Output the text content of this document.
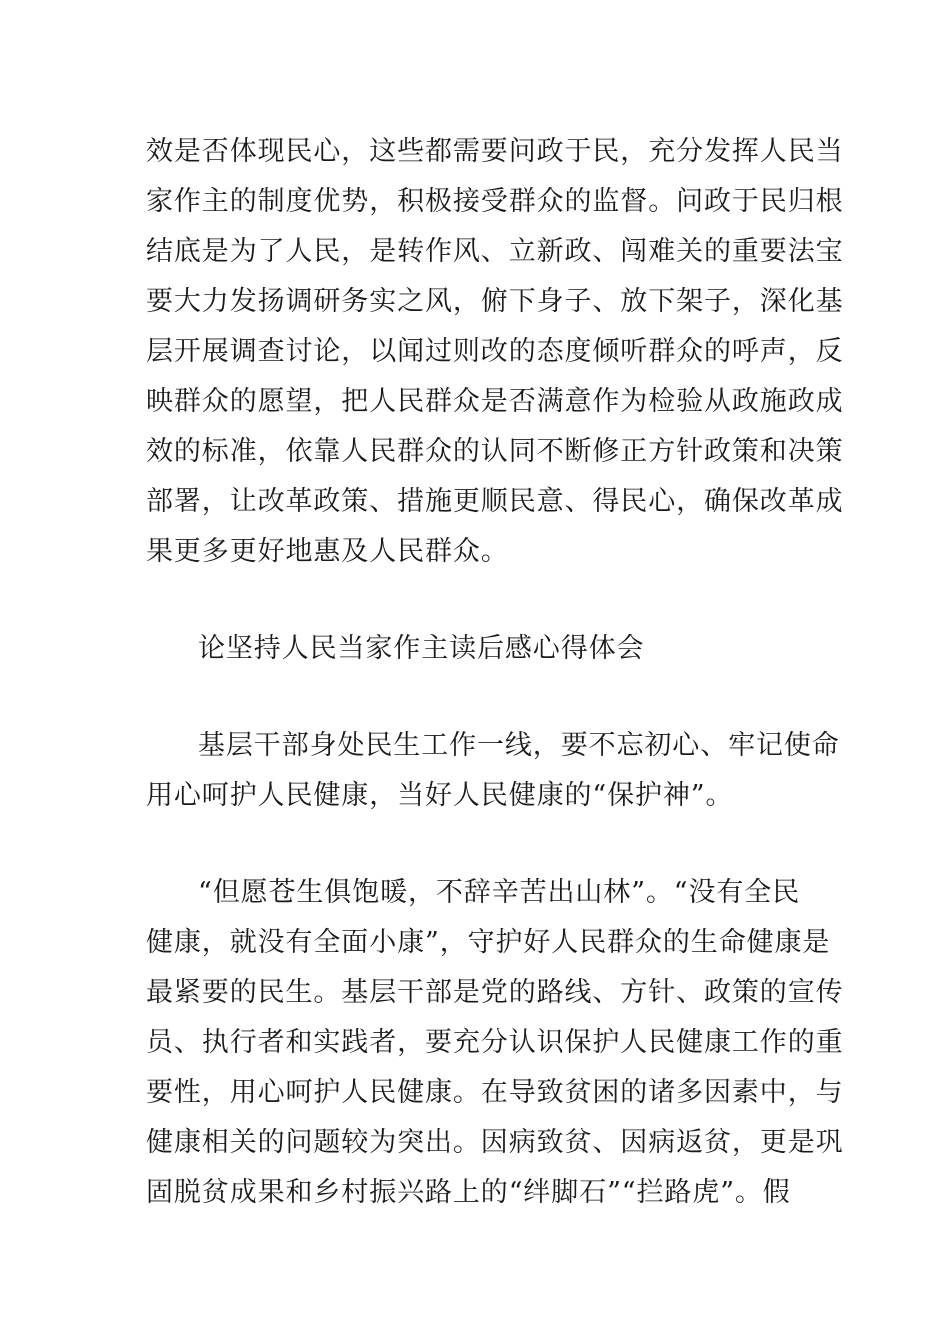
效是否体现民心，这些都需要问政于民，充分发挥人民当
家作主的制度优势，积极接受群众的监督。问政于民归根
结底是为了人民，是转作风、立新政、闯难关的重要法宝
要大力发扬调研务实之风，俯下身子、放下架子，深化基
层开展调查讨论，以闻过则改的态度倾听群众的呼声，反
映群众的愿望，把人民群众是否满意作为检验从政施政成
效的标准，依靠人民群众的认同不断修正方针政策和决策
部署，让改革政策、措施更顺民意、得民心，确保改革成
果更多更好地惠及人民群众。
论坚持人民当家作主读后感心得体会
基层干部身处民生工作一线，要不忘初心、牢记使命
用心呵护人民健康，当好人民健康的“保护神”。
“但愿苍生俱饱暖，不辞辛苦出山林”。“没有全民
健康，就没有全面小康”，守护好人民群众的生命健康是
最紧要的民生。基层干部是党的路线、方针、政策的宣传
员、执行者和实践者，要充分认识保护人民健康工作的重
要性，用心呵护人民健康。在导致贫困的诸多因素中，与
健康相关的问题较为突出。因病致贫、因病返贫，更是巩
固脱贫成果和乡村振兴路上的“绊脚石”“拦路虎”。假
